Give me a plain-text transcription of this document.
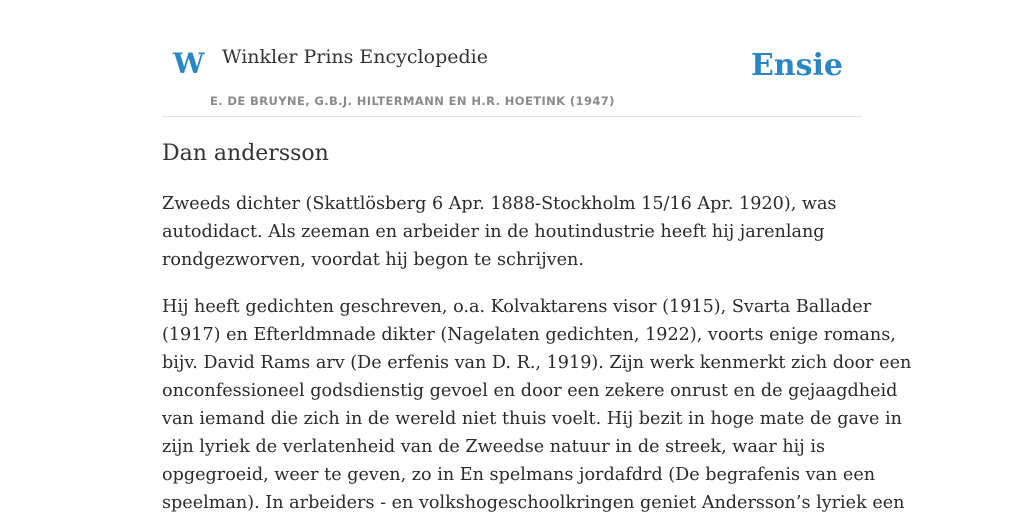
W Winkler Prins Encyclopedie
E. DE BRUYNE, G.B.J. HILTERMANN EN H.R. HOETINK (1947)
Ensie
Dan andersson

Zweeds dichter (Skattlösberg 6 Apr. 1888-Stockholm 15/16 Apr. 1920), was
autodidact. Als zeeman en arbeider in de houtindustrie heeft hij jarenlang
rondgezworven, voordat hij begon te schrijven.

Hij heeft gedichten geschreven, o.a. Kolvaktarens visor (1915), Svarta Ballader
(1917) en Efterldmnade dikter (Nagelaten gedichten, 1922), voorts enige romans,
bijv. David Rams arv (De erfenis van D. R., 1919). Zijn werk kenmerkt zich door een
onconfessioneel godsdienstig gevoel en door een zekere onrust en de gejaagdheid
van iemand die zich in de wereld niet thuis voelt. Hij bezit in hoge mate de gave in
zijn lyriek de verlatenheid van de Zweedse natuur in de streek, waar hij is
opgegroeid, weer te geven, zo in En spelmans jordafdrd (De begrafenis van een
speelman). In arbeiders - en volkshogeschoolkringen geniet Andersson’s lyriek een
